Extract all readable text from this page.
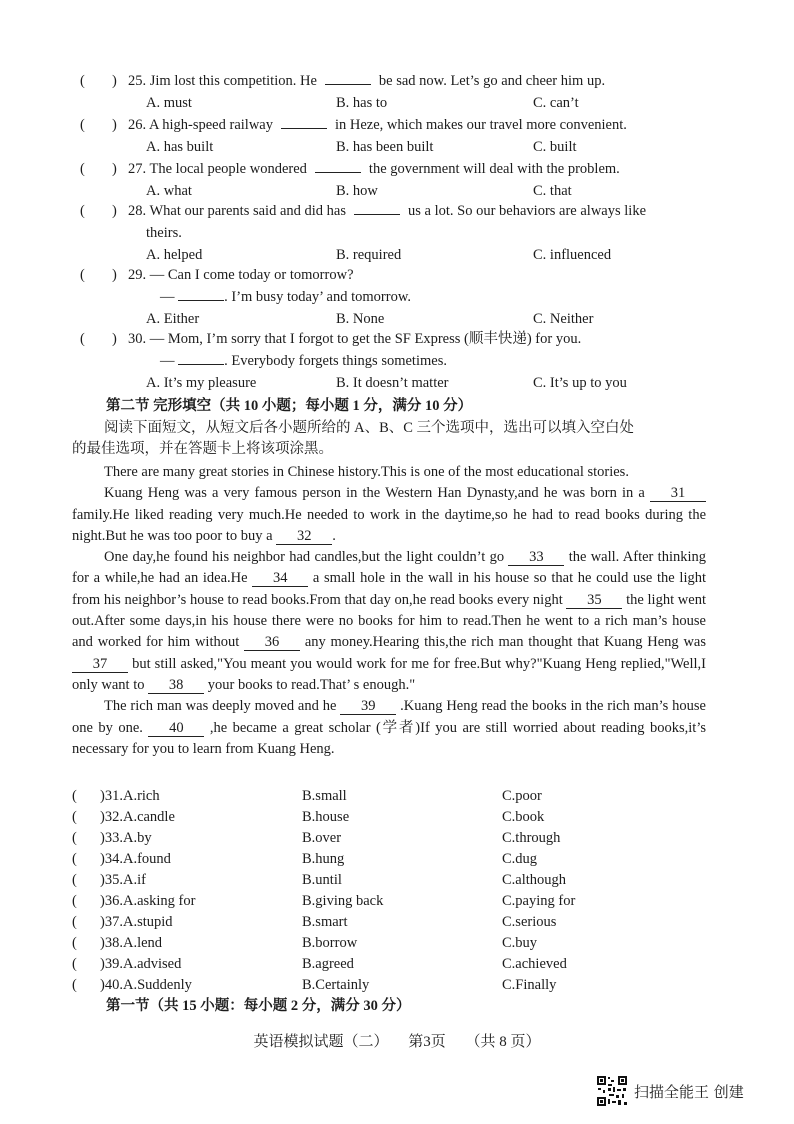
( ) 25. Jim lost this competition. He	be sad now. Let’s go and cheer him up.
A. must	B. has to	C. can’t
( ) 26. A high-speed railway	in Heze, which makes our travel more convenient.
A. has built	B. has been built	C. built
( ) 27. The local people wondered	the government will deal with the problem.
A. what	B. how	C. that
( ) 28. What our parents said and did has	us a lot. So our behaviors are always like
theirs.
A. helped	B. required	C. influenced
( ) 29. — Can I come today or tomorrow?
—	. I’m busy today’ and tomorrow.
A. Either	B. None	C. Neither
( ) 30. — Mom, I’m sorry that I forgot to get the SF Express (顺丰快递) for you.
—	. Everybody forgets things sometimes.
A. It’s my pleasure	B. It doesn’t matter	C. It’s up to you
第二节 完形填空（共 10 小题；每小题 1 分，满分 10 分）
阅读下面短文，从短文后各小题所给的 A、B、C 三个选项中，选出可以填入空白处
的最佳选项，并在答题卡上将该项涂黑。
There are many great stories in Chinese history.This is one of the most educational stories.
Kuang Heng was a very famous person in the Western Han Dynasty,and he was born in a 31 family.He liked reading very much.He needed to work in the daytime,so he had to read books during the night.But he was too poor to buy a 32 .
One day,he found his neighbor had candles,but the light couldn’t go 33 the wall. After thinking for a while,he had an idea.He 34 a small hole in the wall in his house so that he could use the light from his neighbor’s house to read books.From that day on,he read books every night 35 the light went out.After some days,in his house there were no books for him to read.Then he went to a rich man’s house and worked for him without 36 any money.Hearing this,the rich man thought that Kuang Heng was 37 but still asked,"You meant you would work for me for free.But why?"Kuang Heng replied,"Well,I only want to 38 your books to read.That’ s enough."
The rich man was deeply moved and he 39 .Kuang Heng read the books in the rich man’s house one by one. 40 ,he became a great scholar (学者)If you are still worried about reading books,it’s necessary for you to learn from Kuang Heng.
( )31.A.rich	B.small	C.poor
( )32.A.candle	B.house	C.book
( )33.A.by	B.over	C.through
( )34.A.found	B.hung	C.dug
( )35.A.if	B.until	C.although
( )36.A.asking for	B.giving back	C.paying for
( )37.A.stupid	B.smart	C.serious
( )38.A.lend	B.borrow	C.buy
( )39.A.advised	B.agreed	C.achieved
( )40.A.Suddenly	B.Certainly	C.Finally
第一节（共 15 小题：每小题 2 分，满分 30 分）
英语模拟试题（二） 第3页 （共 8 页）
扫描全能王 创建
